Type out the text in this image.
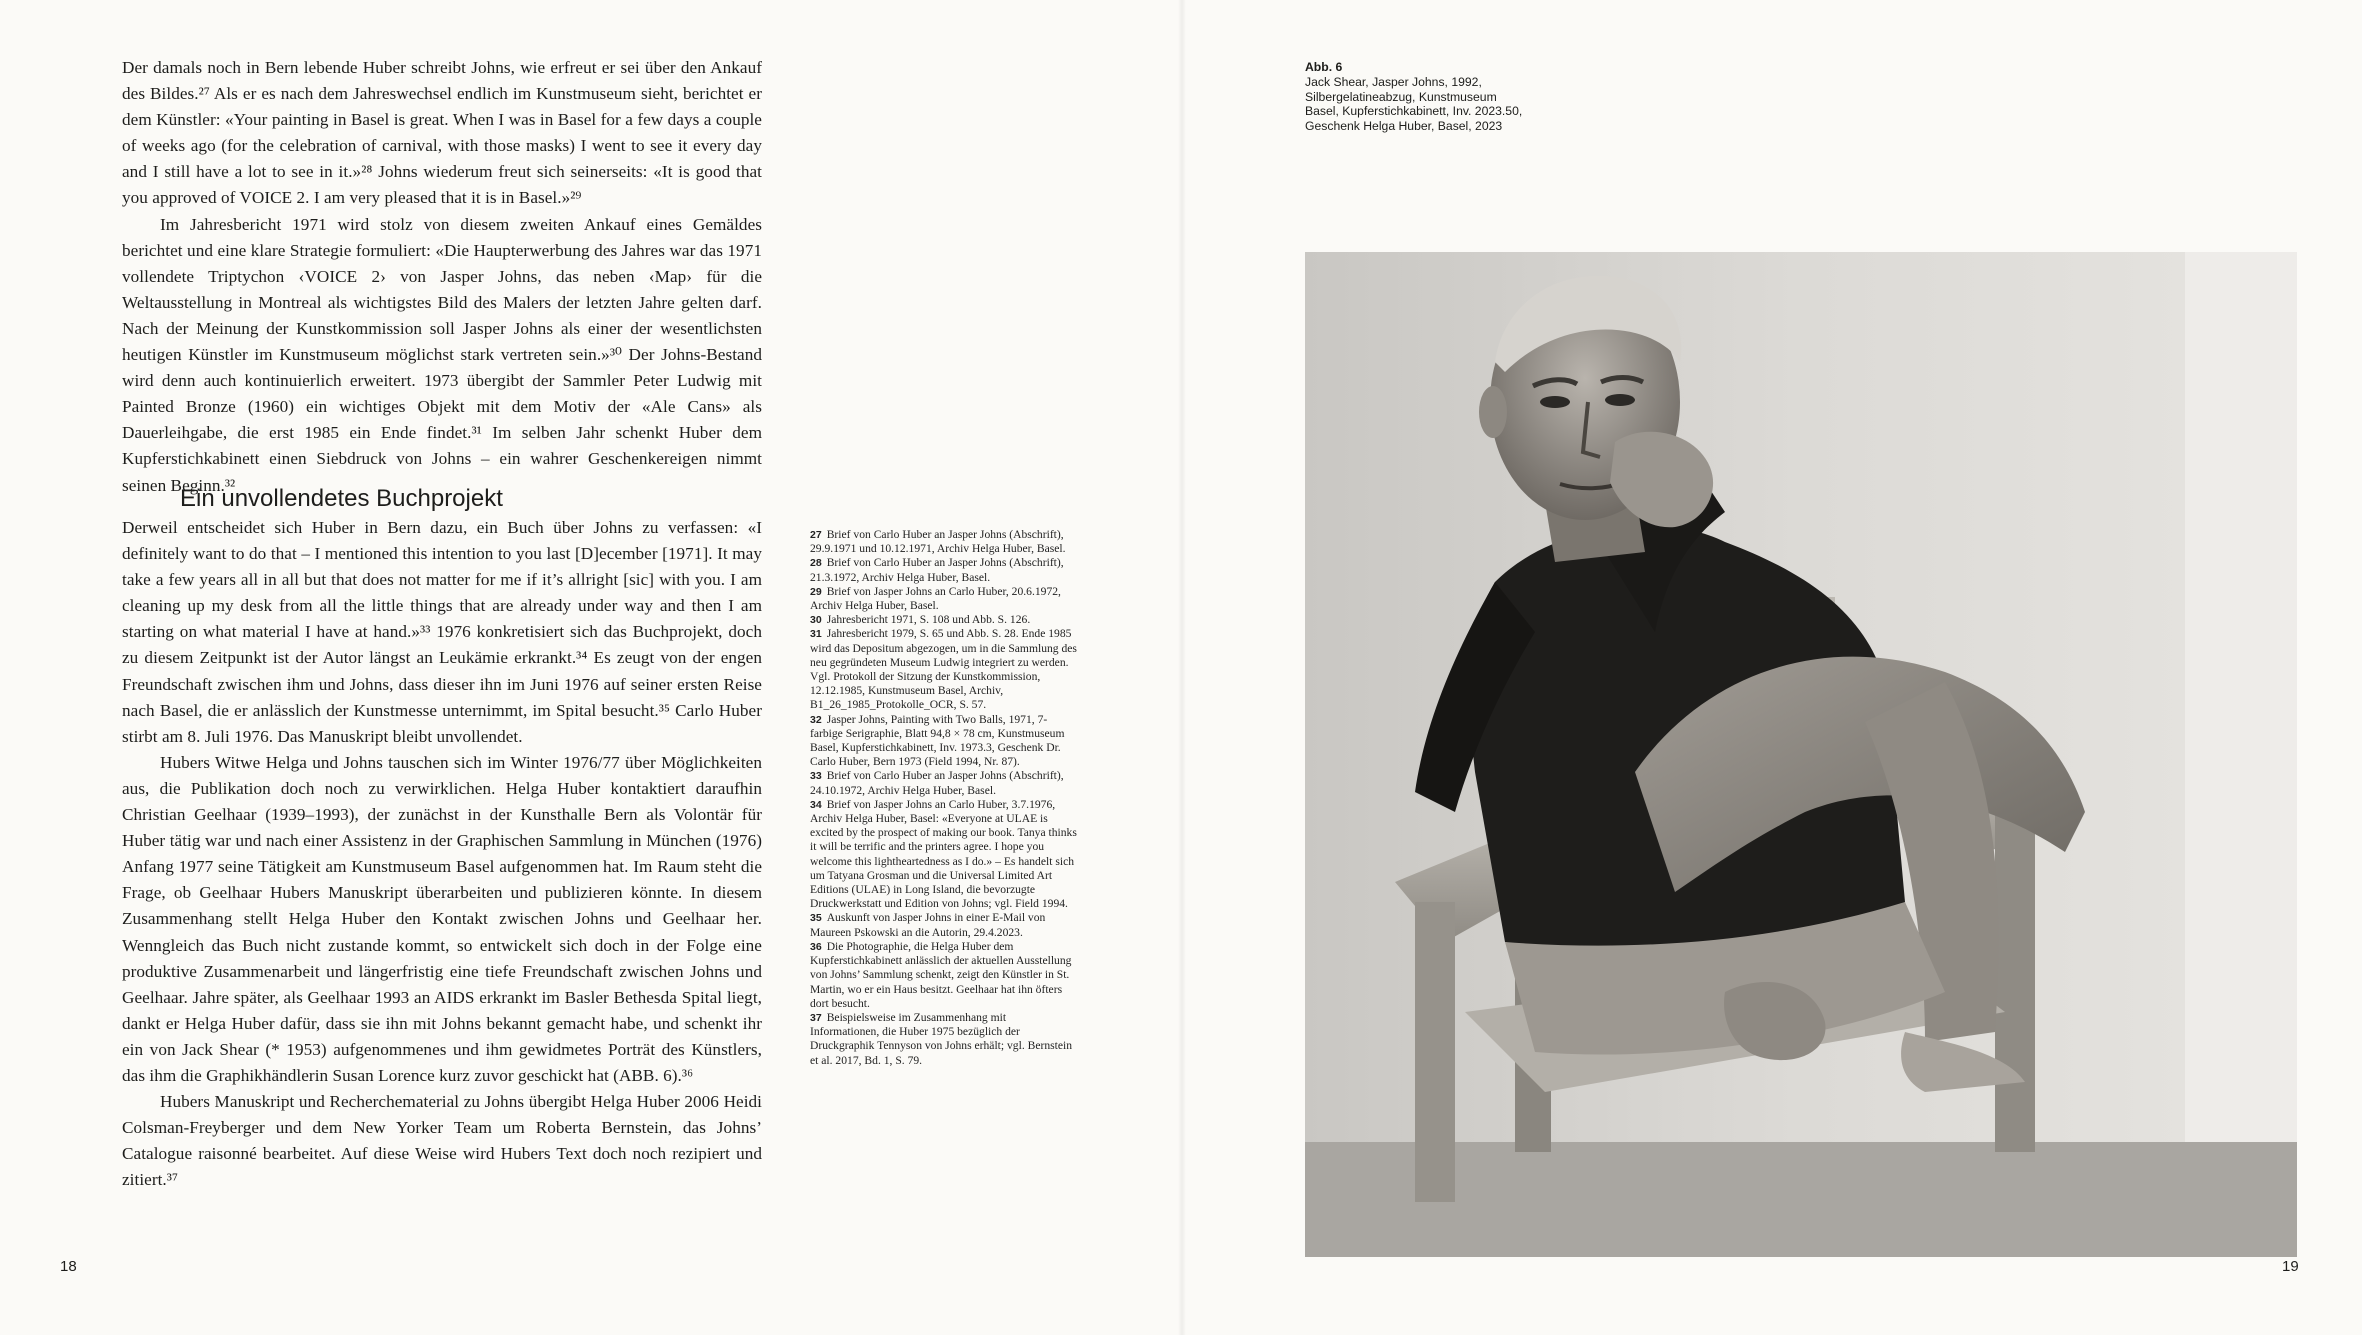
Der damals noch in Bern lebende Huber schreibt Johns, wie erfreut er sei über den Ankauf des Bildes.²⁷ Als er es nach dem Jahreswechsel endlich im Kunstmuseum sieht, berichtet er dem Künstler: «Your painting in Basel is great. When I was in Basel for a few days a couple of weeks ago (for the celebration of carnival, with those masks) I went to see it every day and I still have a lot to see in it.»²⁸ Johns wiederum freut sich seinerseits: «It is good that you approved of VOICE 2. I am very pleased that it is in Basel.»²⁹

Im Jahresbericht 1971 wird stolz von diesem zweiten Ankauf eines Gemäldes berichtet und eine klare Strategie formuliert: «Die Haupterwerbung des Jahres war das 1971 vollendete Triptychon ‹VOICE 2› von Jasper Johns, das neben ‹Map› für die Weltausstellung in Montreal als wichtigstes Bild des Malers der letzten Jahre gelten darf. Nach der Meinung der Kunstkommission soll Jasper Johns als einer der wesentlichsten heutigen Künstler im Kunstmuseum möglichst stark vertreten sein.»³⁰ Der Johns-Bestand wird denn auch kontinuierlich erweitert. 1973 übergibt der Sammler Peter Ludwig mit Painted Bronze (1960) ein wichtiges Objekt mit dem Motiv der «Ale Cans» als Dauerleihgabe, die erst 1985 ein Ende findet.³¹ Im selben Jahr schenkt Huber dem Kupferstichkabinett einen Siebdruck von Johns – ein wahrer Geschenkereigen nimmt seinen Beginn.³²

Ein unvollendetes Buchprojekt

Derweil entscheidet sich Huber in Bern dazu, ein Buch über Johns zu verfassen: «I definitely want to do that – I mentioned this intention to you last [D]ecember [1971]. It may take a few years all in all but that does not matter for me if it’s allright [sic] with you. I am cleaning up my desk from all the little things that are already under way and then I am starting on what material I have at hand.»³³ 1976 konkretisiert sich das Buchprojekt, doch zu diesem Zeitpunkt ist der Autor längst an Leukämie erkrankt.³⁴ Es zeugt von der engen Freundschaft zwischen ihm und Johns, dass dieser ihn im Juni 1976 auf seiner ersten Reise nach Basel, die er anlässlich der Kunstmesse unternimmt, im Spital besucht.³⁵ Carlo Huber stirbt am 8. Juli 1976. Das Manuskript bleibt unvollendet.

Hubers Witwe Helga und Johns tauschen sich im Winter 1976/77 über Möglichkeiten aus, die Publikation doch noch zu verwirklichen. Helga Huber kontaktiert daraufhin Christian Geelhaar (1939–1993), der zunächst in der Kunsthalle Bern als Volontär für Huber tätig war und nach einer Assistenz in der Graphischen Sammlung in München (1976) Anfang 1977 seine Tätigkeit am Kunstmuseum Basel aufgenommen hat. Im Raum steht die Frage, ob Geelhaar Hubers Manuskript überarbeiten und publizieren könnte. In diesem Zusammenhang stellt Helga Huber den Kontakt zwischen Johns und Geelhaar her. Wenngleich das Buch nicht zustande kommt, so entwickelt sich doch in der Folge eine produktive Zusammenarbeit und längerfristig eine tiefe Freundschaft zwischen Johns und Geelhaar. Jahre später, als Geelhaar 1993 an AIDS erkrankt im Basler Bethesda Spital liegt, dankt er Helga Huber dafür, dass sie ihn mit Johns bekannt gemacht habe, und schenkt ihr ein von Jack Shear (* 1953) aufgenommenes und ihm gewidmetes Porträt des Künstlers, das ihm die Graphikhändlerin Susan Lorence kurz zuvor geschickt hat (ABB. 6).³⁶

Hubers Manuskript und Recherchematerial zu Johns übergibt Helga Huber 2006 Heidi Colsman-Freyberger und dem New Yorker Team um Roberta Bernstein, das Johns’ Catalogue raisonné bearbeitet. Auf diese Weise wird Hubers Text doch noch rezipiert und zitiert.³⁷

27 Brief von Carlo Huber an Jasper Johns (Abschrift), 29.9.1971 und 10.12.1971, Archiv Helga Huber, Basel.

28 Brief von Carlo Huber an Jasper Johns (Abschrift), 21.3.1972, Archiv Helga Huber, Basel.

29 Brief von Jasper Johns an Carlo Huber, 20.6.1972, Archiv Helga Huber, Basel.

30 Jahresbericht 1971, S. 108 und Abb. S. 126.

31 Jahresbericht 1979, S. 65 und Abb. S. 28. Ende 1985 wird das Depositum abgezogen, um in die Sammlung des neu gegründeten Museum Ludwig integriert zu werden. Vgl. Protokoll der Sitzung der Kunstkommission, 12.12.1985, Kunstmuseum Basel, Archiv, B1_26_1985_Protokolle_OCR, S. 57.

32 Jasper Johns, Painting with Two Balls, 1971, 7-farbige Serigraphie, Blatt 94,8 × 78 cm, Kunstmuseum Basel, Kupferstichkabinett, Inv. 1973.3, Geschenk Dr. Carlo Huber, Bern 1973 (Field 1994, Nr. 87).

33 Brief von Carlo Huber an Jasper Johns (Abschrift), 24.10.1972, Archiv Helga Huber, Basel.

34 Brief von Jasper Johns an Carlo Huber, 3.7.1976, Archiv Helga Huber, Basel: «Everyone at ULAE is excited by the prospect of making our book. Tanya thinks it will be terrific and the printers agree. I hope you welcome this lightheartedness as I do.» – Es handelt sich um Tatyana Grosman und die Universal Limited Art Editions (ULAE) in Long Island, die bevorzugte Druckwerkstatt und Edition von Johns; vgl. Field 1994.

35 Auskunft von Jasper Johns in einer E-Mail von Maureen Pskowski an die Autorin, 29.4.2023.

36 Die Photographie, die Helga Huber dem Kupferstichkabinett anlässlich der aktuellen Ausstellung von Johns’ Sammlung schenkt, zeigt den Künstler in St. Martin, wo er ein Haus besitzt. Geelhaar hat ihn öfters dort besucht.

37 Beispielsweise im Zusammenhang mit Informationen, die Huber 1975 bezüglich der Druckgraphik Tennyson von Johns erhält; vgl. Bernstein et al. 2017, Bd. 1, S. 79.

18
Abb. 6
Jack Shear, Jasper Johns, 1992, Silbergelatineabzug, Kunstmuseum Basel, Kupferstichkabinett, Inv. 2023.50, Geschenk Helga Huber, Basel, 2023
19
